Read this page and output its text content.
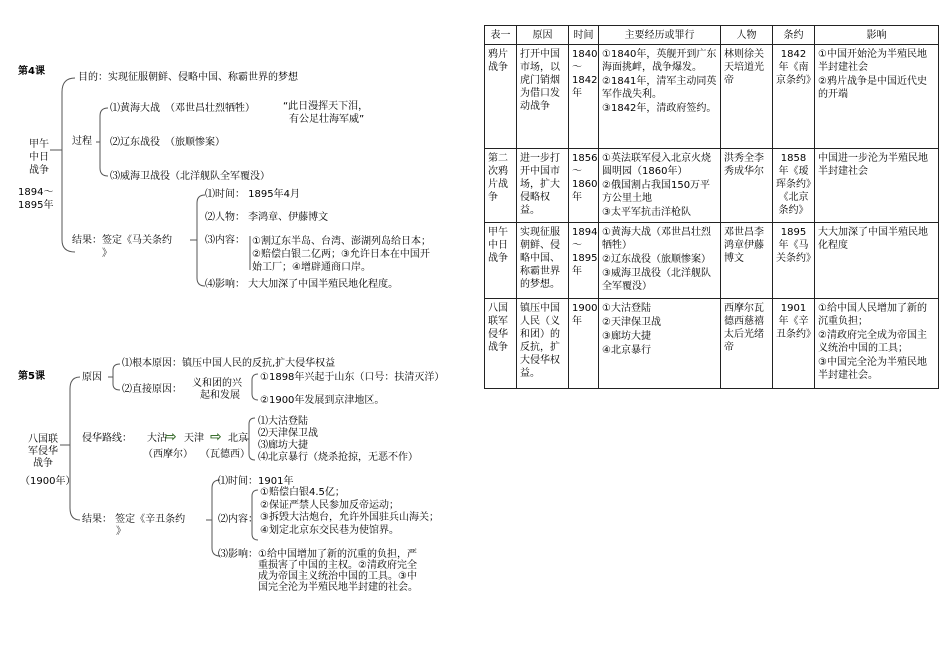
第4课
甲午
中日
战争
1894～
1895年
目的：实现征服朝鲜、侵略中国、称霸世界的梦想
过程
⑴黄海大战　（邓世昌壮烈牺牲）
⑵辽东战役　（旅顺惨案）
⑶威海卫战役（北洋舰队全军覆没）
“此日漫挥天下泪，
有公足壮海军威”
结果：签定《马关条约
》
⑴时间： 1895年4月
⑵人物： 李鸿章、伊藤博文
⑶内容： ①割辽东半岛、台湾、澎湖列岛给日本；
②赔偿白银二亿两；③允许日本在中国开
始工厂；④增辟通商口岸。
⑷影响： 大大加深了中国半殖民地化程度。
第5课
八国联
军侵华
战争
（1900年）
原因
⑴根本原因：镇压中国人民的反抗,扩大侵华权益
⑵直接原因：
义和团的兴
起和发展
①1898年兴起于山东（口号：扶清灭洋）
②1900年发展到京津地区。
侵华路线： 大沽
⇨ 天津 ⇨ 北京
（西摩尔） （瓦德西）
⑴大沽登陆
⑵天津保卫战
⑶廊坊大捷
⑷北京暴行（烧杀抢掠，无恶不作）
结果： 签定《辛丑条约
》
⑴时间：1901年
⑵内容：
①赔偿白银4.5亿；
②保证严禁人民参加反帝运动；
③拆毁大沽炮台，允许外国驻兵山海关；
④划定北京东交民巷为使馆界。
⑶影响： ①给中国增加了新的沉重的负担，严
重损害了中国的主权。②清政府完全
成为帝国主义统治中国的工具。③中
国完全沦为半殖民地半封建的社会。
表一	原因	时间	主要经历或罪行	人物	条约	影响
鸦片战争	打开中国市场，以虎门销烟为借口发动战争	1840～1842年	①1840年，英舰开到广东海面挑衅，战争爆发。
②1841年，清军主动同英军作战失利。
③1842年，清政府签约。	林则徐关天培道光帝	1842年《南京条约》	①中国开始沦为半殖民地半封建社会
②鸦片战争是中国近代史的开端

第二次鸦片战争	进一步打开中国市场，扩大侵略权益。	1856～1860年	①英法联军侵入北京火烧圆明园（1860年）
②俄国割占我国150万平方公里土地
③太平军抗击洋枪队	洪秀全李秀成华尔	1858年《瑷珲条约》《北京条约》	中国进一步沦为半殖民地半封建社会

甲午中日战争	实现征服朝鲜、侵略中国、称霸世界的梦想。	1894～1895年	①黄海大战（邓世昌壮烈牺牲）
②辽东战役（旅顺惨案）
③威海卫战役（北洋舰队全军覆没）	邓世昌李鸿章伊藤博文	1895年《马关条约》	大大加深了中国半殖民地化程度

八国联军侵华战争	镇压中国人民（义和团）的反抗，扩大侵华权益。	1900年	①大沽登陆
②天津保卫战
③廊坊大捷
④北京暴行	西摩尔瓦德西慈禧太后光绪帝	1901年《辛丑条约》	①给中国人民增加了新的沉重负担；
②清政府完全成为帝国主义统治中国的工具；
③中国完全沦为半殖民地半封建社会。
